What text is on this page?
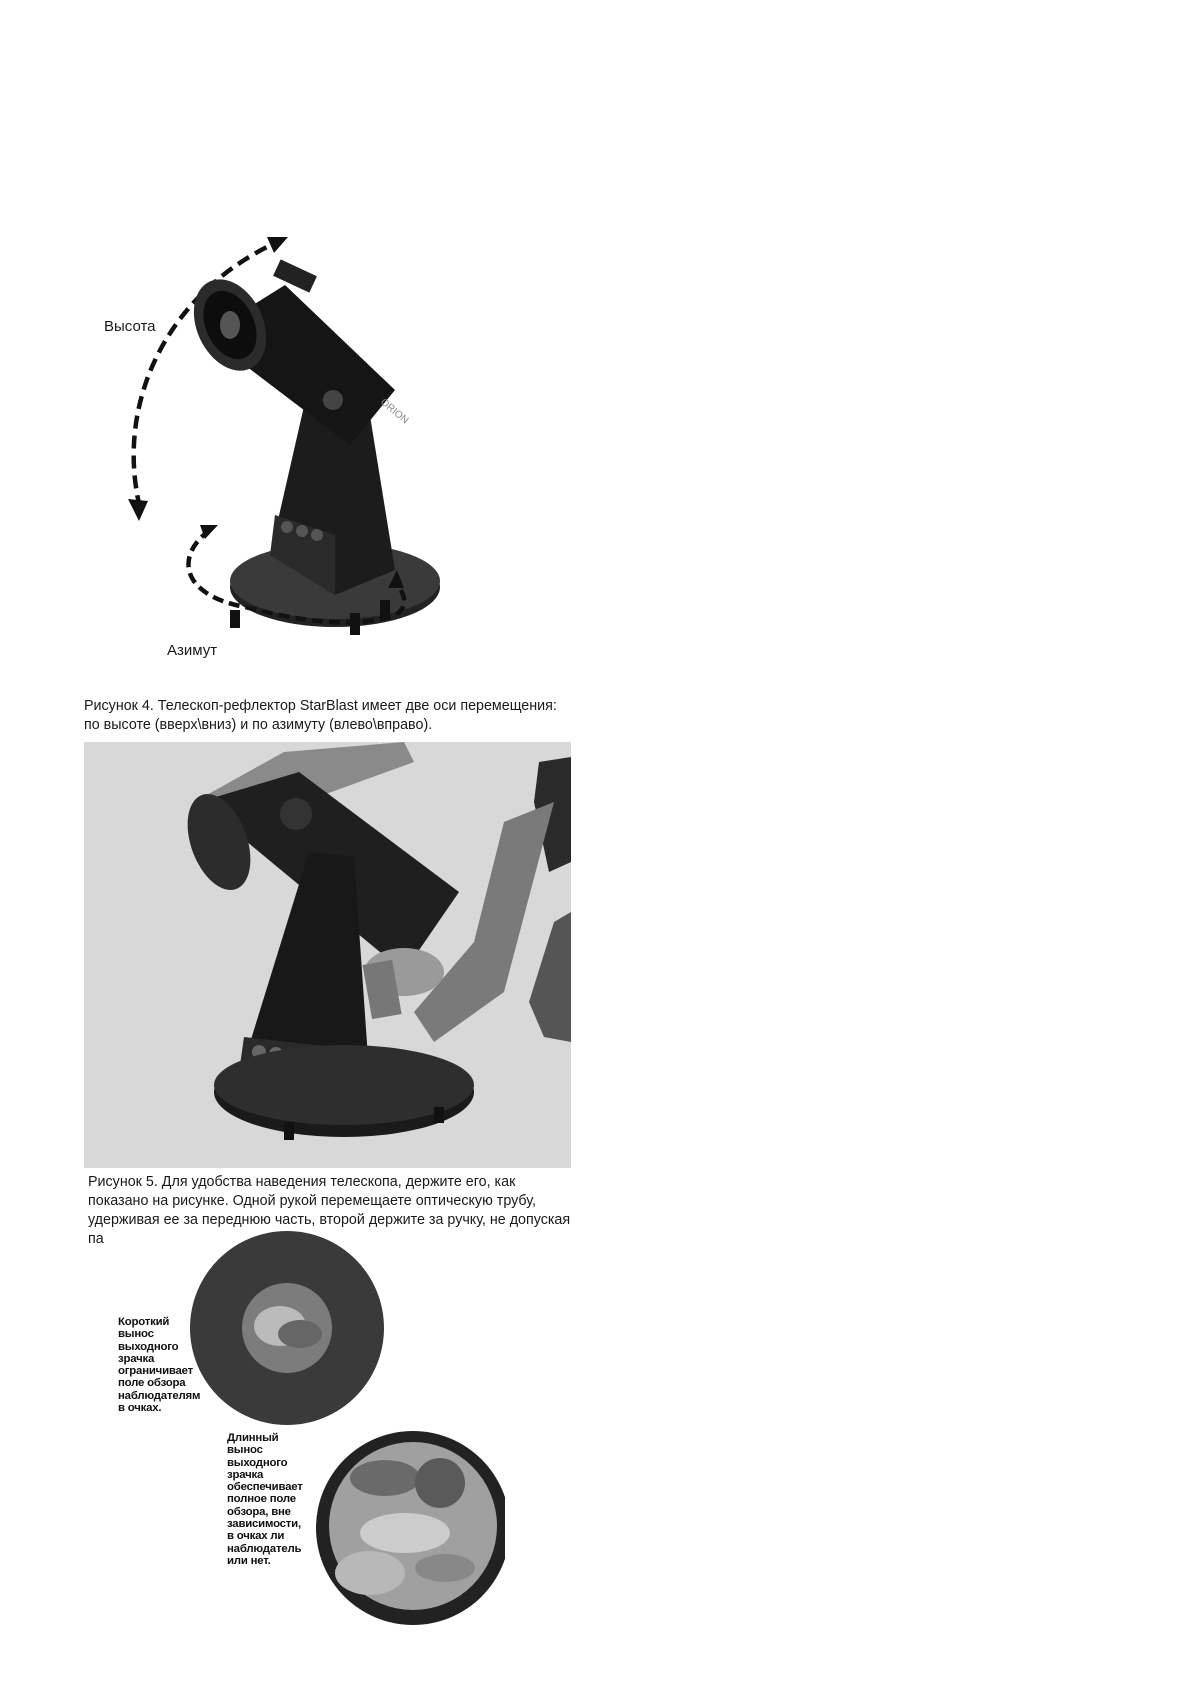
ORION
Высота
Азимут

Рисунок 4. Телескоп-рефлектор StarBlast имеет две оси перемещения: по высоте (вверх\вниз) и по азимуту (влево\вправо).

Рисунок 5. Для удобства наведения телескопа, держите его, как показано на рисунке. Одной рукой перемещаете оптическую трубу, удерживая ее за переднюю часть, второй держите за ручку, не допуская па

Короткий
вынос
выходного
зрачка
ограничивает
поле обзора
наблюдателям
в очках.
Длинный
вынос
выходного
зрачка
обеспечивает
полное поле
обзора, вне
зависимости,
в очках ли
наблюдатель
или нет.
